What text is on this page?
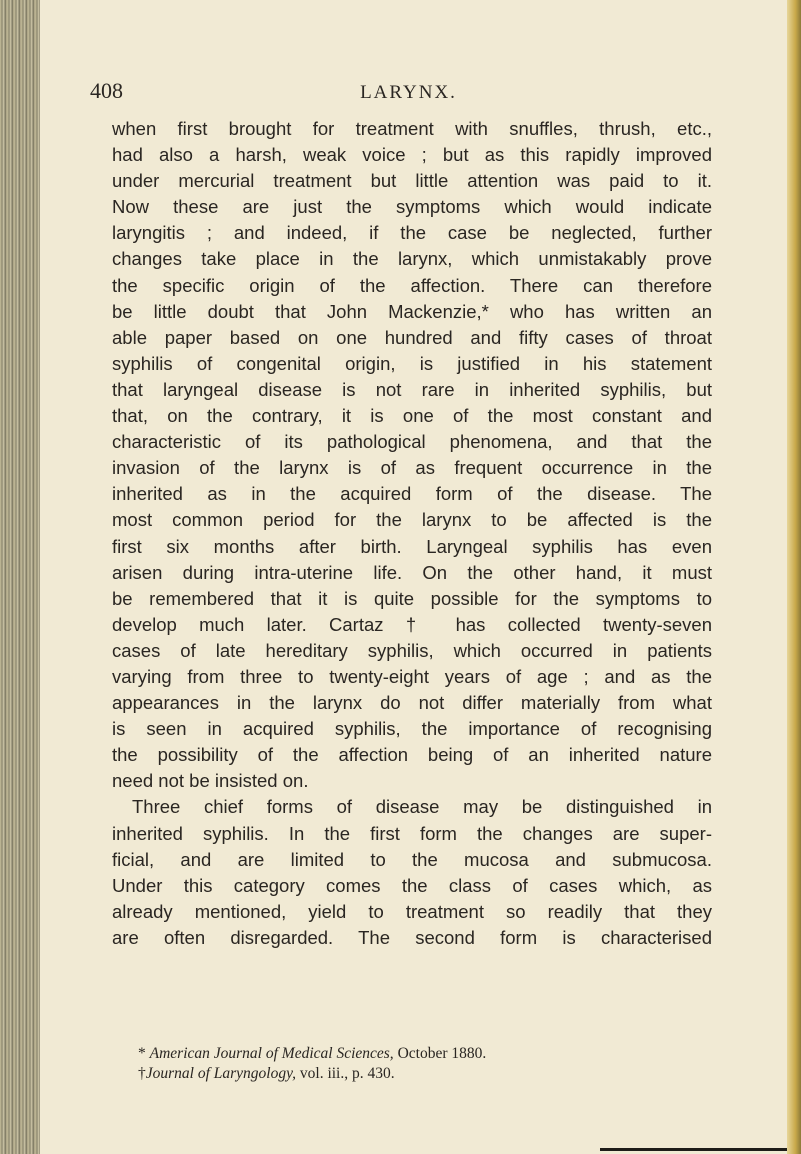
408	LARYNX.
when first brought for treatment with snuffles, thrush, etc.,
had also a harsh, weak voice ; but as this rapidly improved
under mercurial treatment but little attention was paid to it.
Now these are just the symptoms which would indicate
laryngitis ; and indeed, if the case be neglected, further
changes take place in the larynx, which unmistakably prove
the specific origin of the affection. There can therefore
be little doubt that John Mackenzie,* who has written an
able paper based on one hundred and fifty cases of throat
syphilis of congenital origin, is justified in his statement
that laryngeal disease is not rare in inherited syphilis, but
that, on the contrary, it is one of the most constant and
characteristic of its pathological phenomena, and that the
invasion of the larynx is of as frequent occurrence in the
inherited as in the acquired form of the disease. The
most common period for the larynx to be affected is the
first six months after birth. Laryngeal syphilis has even
arisen during intra-uterine life. On the other hand, it must
be remembered that it is quite possible for the symptoms to
develop much later. Cartaz † has collected twenty-seven
cases of late hereditary syphilis, which occurred in patients
varying from three to twenty-eight years of age ; and as the
appearances in the larynx do not differ materially from what
is seen in acquired syphilis, the importance of recognising
the possibility of the affection being of an inherited nature
need not be insisted on.
Three chief forms of disease may be distinguished in
inherited syphilis. In the first form the changes are super-
ficial, and are limited to the mucosa and submucosa.
Under this category comes the class of cases which, as
already mentioned, yield to treatment so readily that they
are often disregarded. The second form is characterised
* American Journal of Medical Sciences, October 1880.
†Journal of Laryngology, vol. iii., p. 430.
